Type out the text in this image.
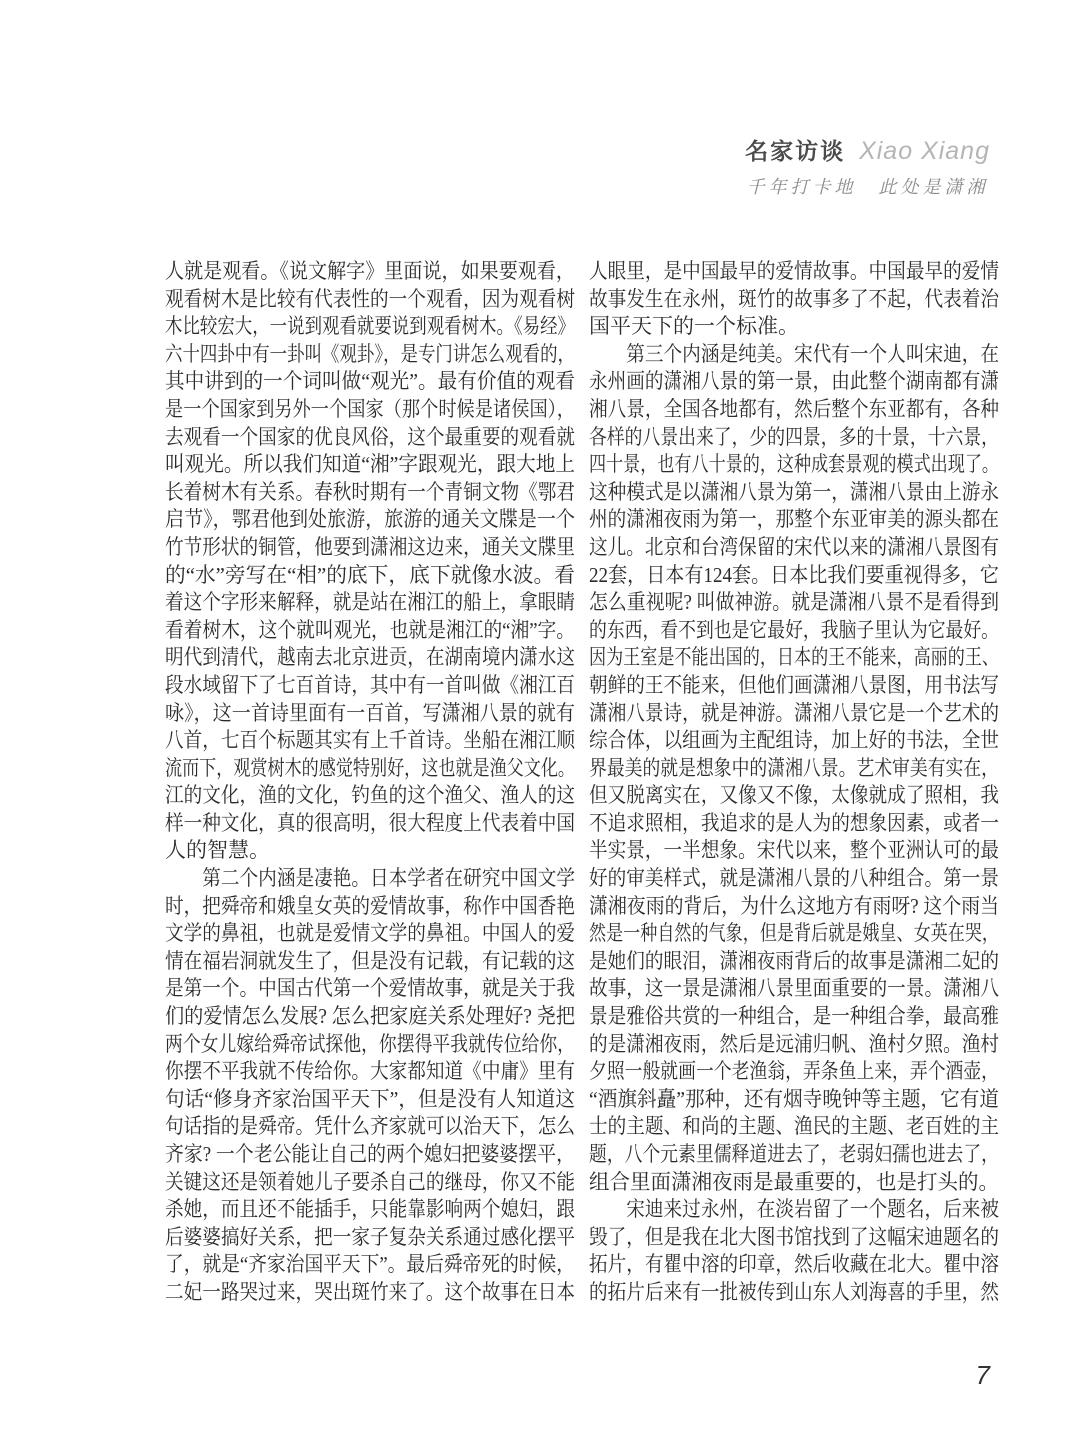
名家访谈 Xiao Xiang
千年打卡地　此处是潇湘
人就是观看。《说文解字》里面说，如果要观看，
观看树木是比较有代表性的一个观看，因为观看树
木比较宏大，一说到观看就要说到观看树木。《易经》
六十四卦中有一卦叫《观卦》，是专门讲怎么观看的，
其中讲到的一个词叫做“观光”。最有价值的观看
是一个国家到另外一个国家（那个时候是诸侯国），
去观看一个国家的优良风俗，这个最重要的观看就
叫观光。所以我们知道“湘”字跟观光，跟大地上
长着树木有关系。春秋时期有一个青铜文物《鄂君
启节》，鄂君他到处旅游，旅游的通关文牒是一个
竹节形状的铜管，他要到潇湘这边来，通关文牒里
的“水”旁写在“相”的底下，底下就像水波。看
着这个字形来解释，就是站在湘江的船上，拿眼睛
看着树木，这个就叫观光，也就是湘江的“湘”字。
明代到清代，越南去北京进贡，在湖南境内潇水这
段水域留下了七百首诗，其中有一首叫做《湘江百
咏》，这一首诗里面有一百首，写潇湘八景的就有
八首，七百个标题其实有上千首诗。坐船在湘江顺
流而下，观赏树木的感觉特别好，这也就是渔父文化。
江的文化，渔的文化，钓鱼的这个渔父、渔人的这
样一种文化，真的很高明，很大程度上代表着中国
人的智慧。
　　第二个内涵是凄艳。日本学者在研究中国文学
时，把舜帝和娥皇女英的爱情故事，称作中国香艳
文学的鼻祖，也就是爱情文学的鼻祖。中国人的爱
情在福岩洞就发生了，但是没有记载，有记载的这
是第一个。中国古代第一个爱情故事，就是关于我
们的爱情怎么发展? 怎么把家庭关系处理好? 尧把
两个女儿嫁给舜帝试探他，你摆得平我就传位给你，
你摆不平我就不传给你。大家都知道《中庸》里有
句话“修身齐家治国平天下”，但是没有人知道这
句话指的是舜帝。凭什么齐家就可以治天下，怎么
齐家? 一个老公能让自己的两个媳妇把婆婆摆平，
关键这还是领着她儿子要杀自己的继母，你又不能
杀她，而且还不能插手，只能靠影响两个媳妇，跟
后婆婆搞好关系，把一家子复杂关系通过感化摆平
了，就是“齐家治国平天下”。最后舜帝死的时候，
二妃一路哭过来，哭出斑竹来了。这个故事在日本
人眼里，是中国最早的爱情故事。中国最早的爱情
故事发生在永州，斑竹的故事多了不起，代表着治
国平天下的一个标准。
　　第三个内涵是纯美。宋代有一个人叫宋迪，在
永州画的潇湘八景的第一景，由此整个湖南都有潇
湘八景，全国各地都有，然后整个东亚都有，各种
各样的八景出来了，少的四景，多的十景，十六景，
四十景，也有八十景的，这种成套景观的模式出现了。
这种模式是以潇湘八景为第一，潇湘八景由上游永
州的潇湘夜雨为第一，那整个东亚审美的源头都在
这儿。北京和台湾保留的宋代以来的潇湘八景图有
22套，日本有124套。日本比我们要重视得多，它
怎么重视呢? 叫做神游。就是潇湘八景不是看得到
的东西，看不到也是它最好，我脑子里认为它最好。
因为王室是不能出国的，日本的王不能来，高丽的王、
朝鲜的王不能来，但他们画潇湘八景图，用书法写
潇湘八景诗，就是神游。潇湘八景它是一个艺术的
综合体，以组画为主配组诗，加上好的书法，全世
界最美的就是想象中的潇湘八景。艺术审美有实在，
但又脱离实在，又像又不像，太像就成了照相，我
不追求照相，我追求的是人为的想象因素，或者一
半实景，一半想象。宋代以来，整个亚洲认可的最
好的审美样式，就是潇湘八景的八种组合。第一景
潇湘夜雨的背后，为什么这地方有雨呀? 这个雨当
然是一种自然的气象，但是背后就是娥皇、女英在哭，
是她们的眼泪，潇湘夜雨背后的故事是潇湘二妃的
故事，这一景是潇湘八景里面重要的一景。潇湘八
景是雅俗共赏的一种组合，是一种组合拳，最高雅
的是潇湘夜雨，然后是远浦归帆、渔村夕照。渔村
夕照一般就画一个老渔翁，弄条鱼上来，弄个酒壶，
“酒旗斜矗”那种，还有烟寺晚钟等主题，它有道
士的主题、和尚的主题、渔民的主题、老百姓的主
题，八个元素里儒释道进去了，老弱妇孺也进去了，
组合里面潇湘夜雨是最重要的，也是打头的。
　　宋迪来过永州，在淡岩留了一个题名，后来被
毁了，但是我在北大图书馆找到了这幅宋迪题名的
拓片，有瞿中溶的印章，然后收藏在北大。瞿中溶
的拓片后来有一批被传到山东人刘海喜的手里，然
7
